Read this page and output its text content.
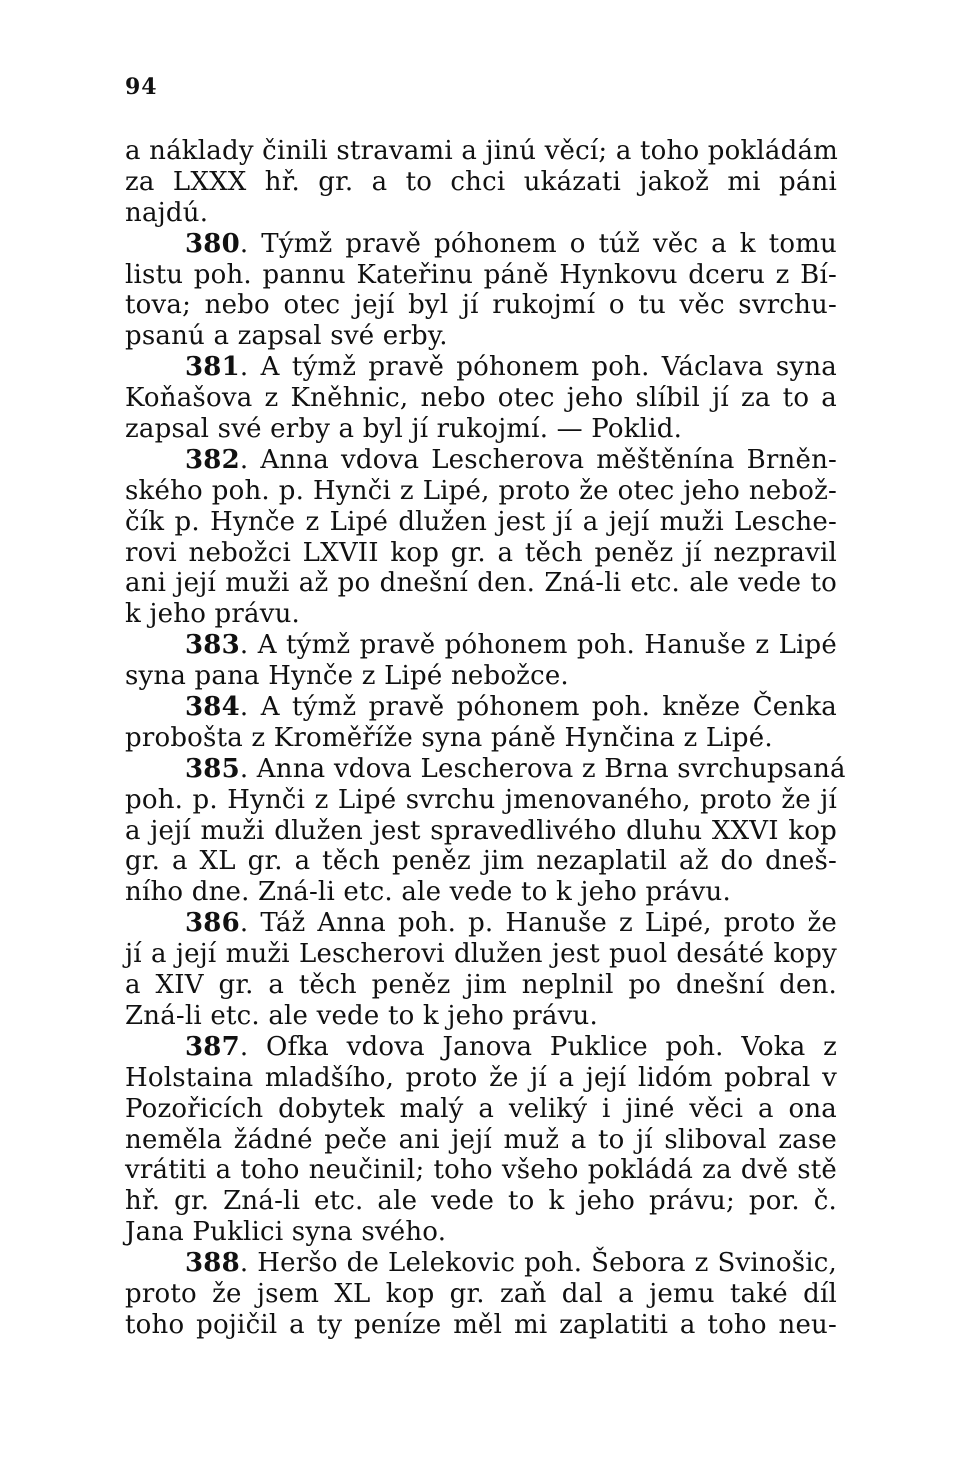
94
a náklady činili stravami a jinú věcí; a toho pokládám
za LXXX hř. gr. a to chci ukázati jakož mi páni
najdú.
380. Týmž pravě póhonem o túž věc a k tomu
listu poh. pannu Kateřinu páně Hynkovu dceru z Bí-
tova; nebo otec její byl jí rukojmí o tu věc svrchu-
psanú a zapsal své erby.
381. A týmž pravě póhonem poh. Václava syna
Koňašova z Kněhnic, nebo otec jeho slíbil jí za to a
zapsal své erby a byl jí rukojmí. — Poklid.
382. Anna vdova Lescherova měštěnína Brněn-
ského poh. p. Hynči z Lipé, proto že otec jeho nebož-
čík p. Hynče z Lipé dlužen jest jí a její muži Lesche-
rovi nebožci LXVII kop gr. a těch peněz jí nezpravil
ani její muži až po dnešní den. Zná-li etc. ale vede to
k jeho právu.
383. A týmž pravě póhonem poh. Hanuše z Lipé
syna pana Hynče z Lipé nebožce.
384. A týmž pravě póhonem poh. kněze Čenka
probošta z Kroměříže syna páně Hynčina z Lipé.
385. Anna vdova Lescherova z Brna svrchupsaná
poh. p. Hynči z Lipé svrchu jmenovaného, proto že jí
a její muži dlužen jest spravedlivého dluhu XXVI kop
gr. a XL gr. a těch peněz jim nezaplatil až do dneš-
ního dne. Zná-li etc. ale vede to k jeho právu.
386. Táž Anna poh. p. Hanuše z Lipé, proto že
jí a její muži Lescherovi dlužen jest puol desáté kopy
a XIV gr. a těch peněz jim neplnil po dnešní den.
Zná-li etc. ale vede to k jeho právu.
387. Ofka vdova Janova Puklice poh. Voka z
Holstaina mladšího, proto že jí a její lidóm pobral v
Pozořicích dobytek malý a veliký i jiné věci a ona
neměla žádné peče ani její muž a to jí sliboval zase
vrátiti a toho neučinil; toho všeho pokládá za dvě stě
hř. gr. Zná-li etc. ale vede to k jeho právu; por. č.
Jana Puklici syna svého.
388. Heršo de Lelekovic poh. Šebora z Svinošic,
proto že jsem XL kop gr. zaň dal a jemu také díl
toho pojičil a ty peníze měl mi zaplatiti a toho neu-
